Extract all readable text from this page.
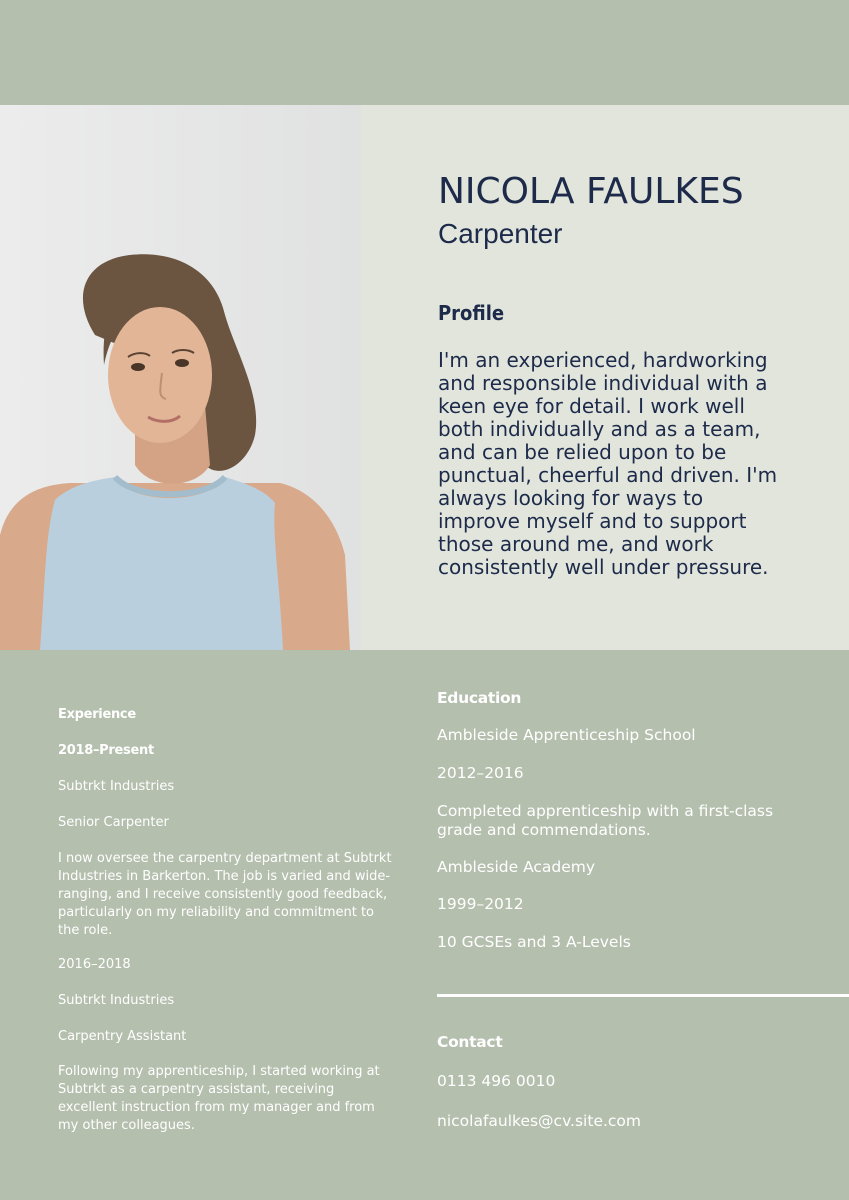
NICOLA FAULKES
Carpenter
Profile
I'm an experienced, hardworking and responsible individual with a keen eye for detail. I work well both individually and as a team, and can be relied upon to be punctual, cheerful and driven. I'm always looking for ways to improve myself and to support those around me, and work consistently well under pressure.
Experience
2018–Present
Subtrkt Industries
Senior Carpenter
I now oversee the carpentry department at Subtrkt Industries in Barkerton. The job is varied and wide-ranging, and I receive consistently good feedback, particularly on my reliability and commitment to the role.
2016–2018
Subtrkt Industries
Carpentry Assistant
Following my apprenticeship, I started working at Subtrkt as a carpentry assistant, receiving excellent instruction from my manager and from my other colleagues.
Education
Ambleside Apprenticeship School
2012–2016
Completed apprenticeship with a first-class grade and commendations.
Ambleside Academy
1999–2012
10 GCSEs and 3 A-Levels
Contact
0113 496 0010
nicolafaulkes@cv.site.com
